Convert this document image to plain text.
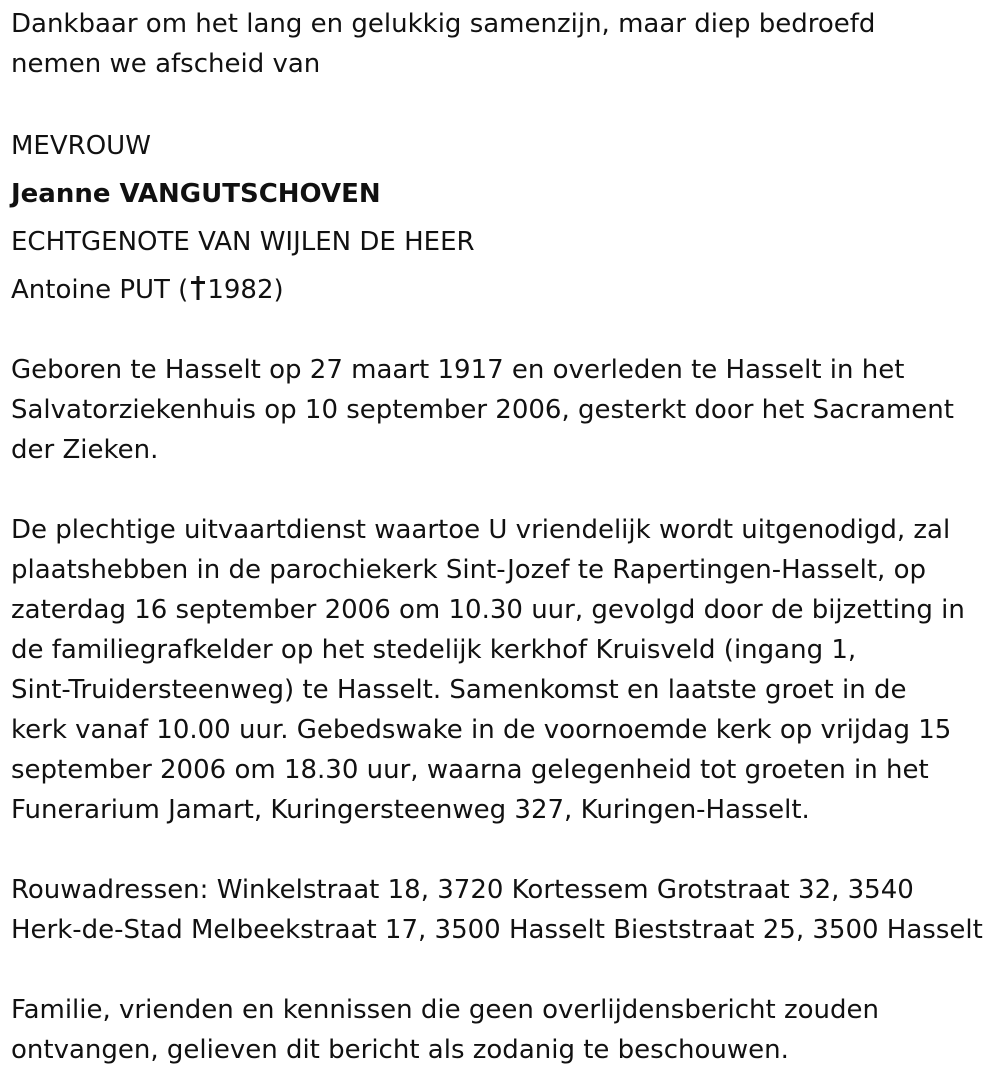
Dankbaar om het lang en gelukkig samenzijn, maar diep bedroefd
nemen we afscheid van

MEVROUW

Jeanne VANGUTSCHOVEN

ECHTGENOTE VAN WIJLEN DE HEER

Antoine PUT ( 1982)

Geboren te Hasselt op 27 maart 1917 en overleden te Hasselt in het
Salvatorziekenhuis op 10 september 2006, gesterkt door het Sacrament
der Zieken.

De plechtige uitvaartdienst waartoe U vriendelijk wordt uitgenodigd, zal
plaatshebben in de parochiekerk Sint-Jozef te Rapertingen-Hasselt, op
zaterdag 16 september 2006 om 10.30 uur, gevolgd door de bijzetting in
de familiegrafkelder op het stedelijk kerkhof Kruisveld (ingang 1,
Sint-Truidersteenweg) te Hasselt. Samenkomst en laatste groet in de
kerk vanaf 10.00 uur. Gebedswake in de voornoemde kerk op vrijdag 15
september 2006 om 18.30 uur, waarna gelegenheid tot groeten in het
Funerarium Jamart, Kuringersteenweg 327, Kuringen-Hasselt.

Rouwadressen: Winkelstraat 18, 3720 Kortessem Grotstraat 32, 3540
Herk-de-Stad Melbeekstraat 17, 3500 Hasselt Bieststraat 25, 3500 Hasselt

Familie, vrienden en kennissen die geen overlijdensbericht zouden
ontvangen, gelieven dit bericht als zodanig te beschouwen.
